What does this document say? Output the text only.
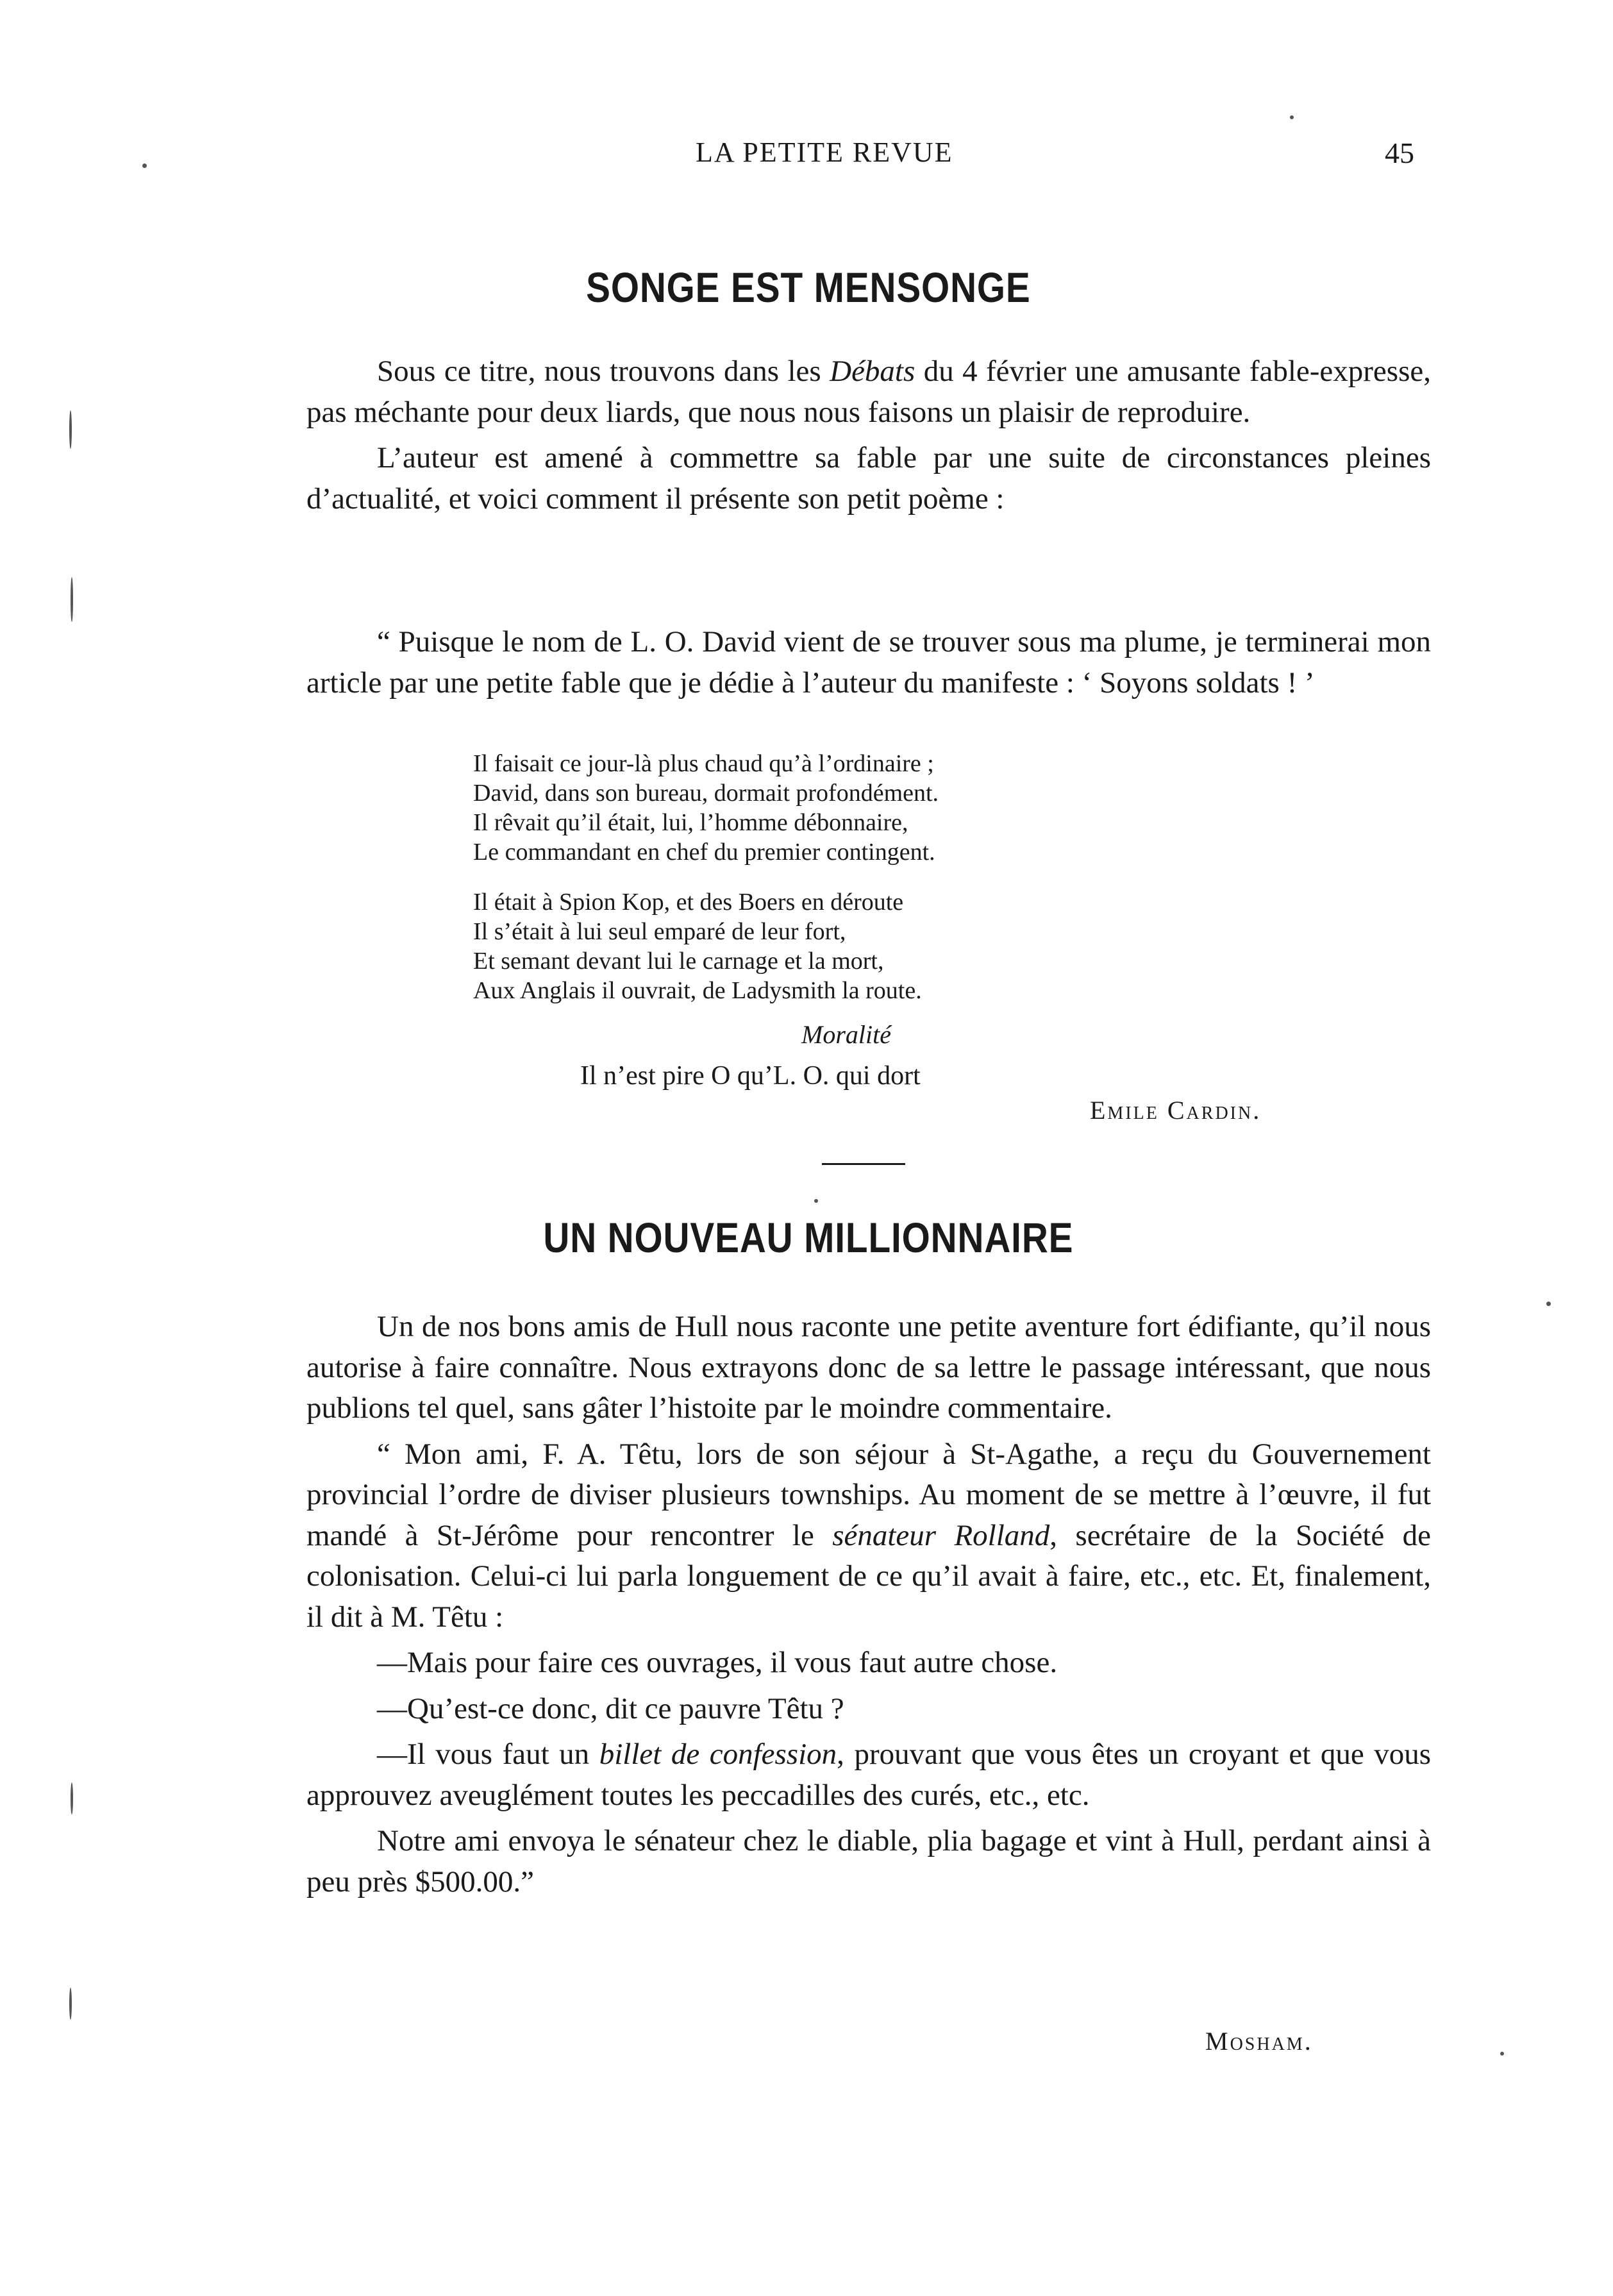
LA PETITE REVUE	45
SONGE EST MENSONGE

Sous ce titre, nous trouvons dans les Débats du 4 février une amusante fable-expresse, pas méchante pour deux liards, que nous nous faisons un plaisir de reproduire.

L’auteur est amené à commettre sa fable par une suite de circonstances pleines d’actualité, et voici comment il présente son petit poème :

“ Puisque le nom de L. O. David vient de se trouver sous ma plume, je terminerai mon article par une petite fable que je dédie à l’auteur du manifeste : ‘ Soyons soldats ! ’

Il faisait ce jour-là plus chaud qu’à l’ordinaire ;
David, dans son bureau, dormait profondément.
Il rêvait qu’il était, lui, l’homme débonnaire,
Le commandant en chef du premier contingent.
Il était à Spion Kop, et des Boers en déroute
Il s’était à lui seul emparé de leur fort,
Et semant devant lui le carnage et la mort,
Aux Anglais il ouvrait, de Ladysmith la route.
Moralité
Il n’est pire O qu’L. O. qui dort
Emile Cardin.
UN NOUVEAU MILLIONNAIRE

Un de nos bons amis de Hull nous raconte une petite aventure fort édifiante, qu’il nous autorise à faire connaître. Nous extrayons donc de sa lettre le passage intéressant, que nous publions tel quel, sans gâter l’histoite par le moindre commentaire.

“ Mon ami, F. A. Têtu, lors de son séjour à St-Agathe, a reçu du Gouvernement provincial l’ordre de diviser plusieurs townships. Au moment de se mettre à l’œuvre, il fut mandé à St-Jérôme pour rencontrer le sénateur Rolland, secrétaire de la Société de colonisation. Celui-ci lui parla longuement de ce qu’il avait à faire, etc., etc. Et, finalement, il dit à M. Têtu :

—Mais pour faire ces ouvrages, il vous faut autre chose.

—Qu’est-ce donc, dit ce pauvre Têtu ?

—Il vous faut un billet de confession, prouvant que vous êtes un croyant et que vous approuvez aveuglément toutes les peccadilles des curés, etc., etc.

Notre ami envoya le sénateur chez le diable, plia bagage et vint à Hull, perdant ainsi à peu près $500.00.”

Mosham.
